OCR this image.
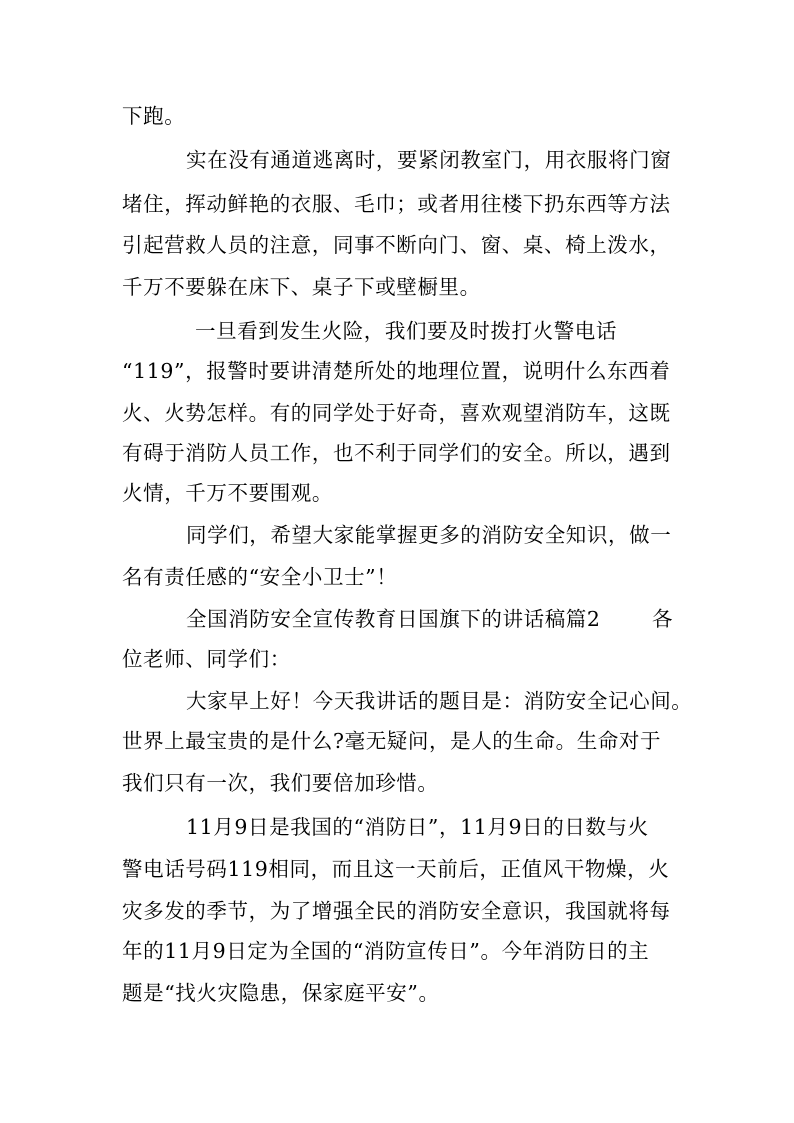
下跑。
实在没有通道逃离时，要紧闭教室门，用衣服将门窗
堵住，挥动鲜艳的衣服、毛巾；或者用往楼下扔东西等方法
引起营救人员的注意，同事不断向门、窗、桌、椅上泼水，
千万不要躲在床下、桌子下或壁橱里。
一旦看到发生火险，我们要及时拨打火警电话
“119”，报警时要讲清楚所处的地理位置，说明什么东西着
火、火势怎样。有的同学处于好奇，喜欢观望消防车，这既
有碍于消防人员工作，也不利于同学们的安全。所以，遇到
火情，千万不要围观。
同学们，希望大家能掌握更多的消防安全知识，做一
名有责任感的“安全小卫士”！
全国消防安全宣传教育日国旗下的讲话稿篇2	各
位老师、同学们：
大家早上好！今天我讲话的题目是：消防安全记心间。
世界上最宝贵的是什么?毫无疑问，是人的生命。生命对于
我们只有一次，我们要倍加珍惜。
11月9日是我国的“消防日”，11月9日的日数与火
警电话号码119相同，而且这一天前后，正值风干物燥，火
灾多发的季节，为了增强全民的消防安全意识，我国就将每
年的11月9日定为全国的“消防宣传日”。今年消防日的主
题是“找火灾隐患，保家庭平安”。
